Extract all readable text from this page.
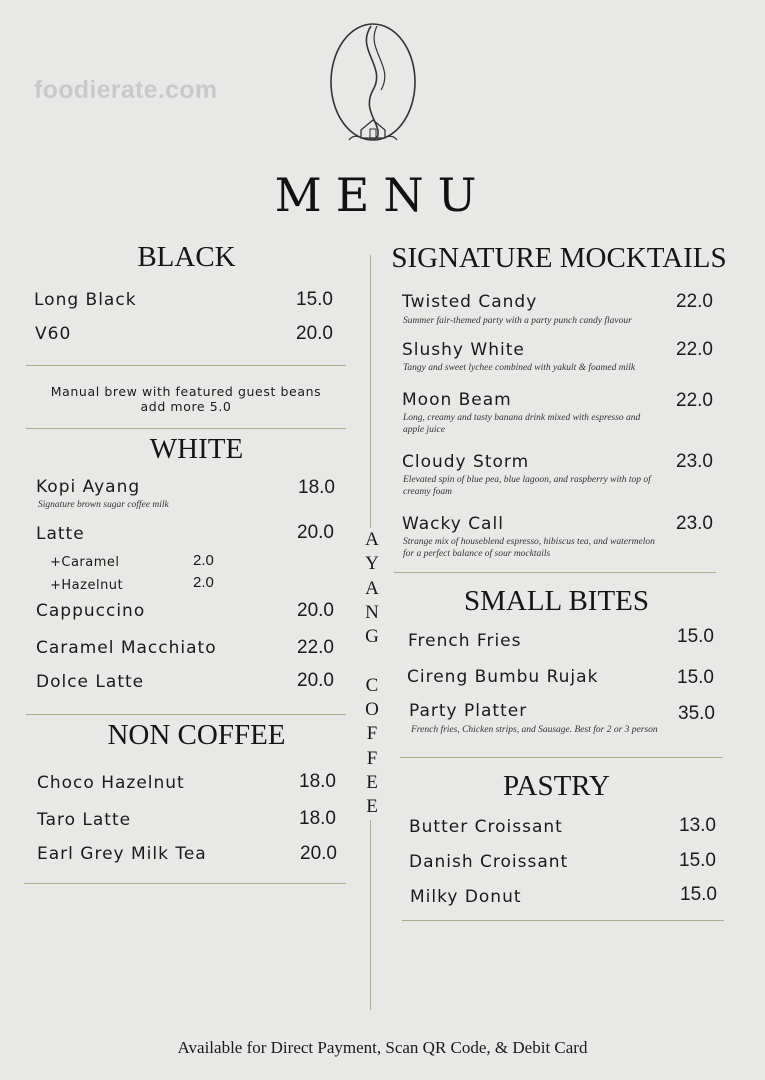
foodierate.com
MENU
A
Y
A
N
G

C
O
F
F
E
E
BLACK
Long Black	15.0
V60	20.0
Manual brew with featured guest beans
add more 5.0
WHITE
Kopi Ayang	18.0
Signature brown sugar coffee milk
Latte	20.0
+Caramel	2.0
+Hazelnut	2.0
Cappuccino	20.0
Caramel Macchiato	22.0
Dolce Latte	20.0
NON COFFEE
Choco Hazelnut	18.0
Taro Latte	18.0
Earl Grey Milk Tea	20.0
SIGNATURE MOCKTAILS
Twisted Candy	22.0
Summer fair-themed party with a party punch candy flavour
Slushy White	22.0
Tangy and sweet lychee combined with yakult & foamed milk
Moon Beam	22.0
Long, creamy and tasty banana drink mixed with espresso and apple juice
Cloudy Storm	23.0
Elevated spin of blue pea, blue lagoon, and raspberry with top of creamy foam
Wacky Call	23.0
Strange mix of houseblend espresso, hibiscus tea, and watermelon for a perfect balance of sour mocktails
SMALL BITES
French Fries	15.0
Cireng Bumbu Rujak	15.0
Party Platter	35.0
French fries, Chicken strips, and Sausage. Best for 2 or 3 person
PASTRY
Butter Croissant	13.0
Danish Croissant	15.0
Milky Donut	15.0
Available for Direct Payment, Scan QR Code, & Debit Card
